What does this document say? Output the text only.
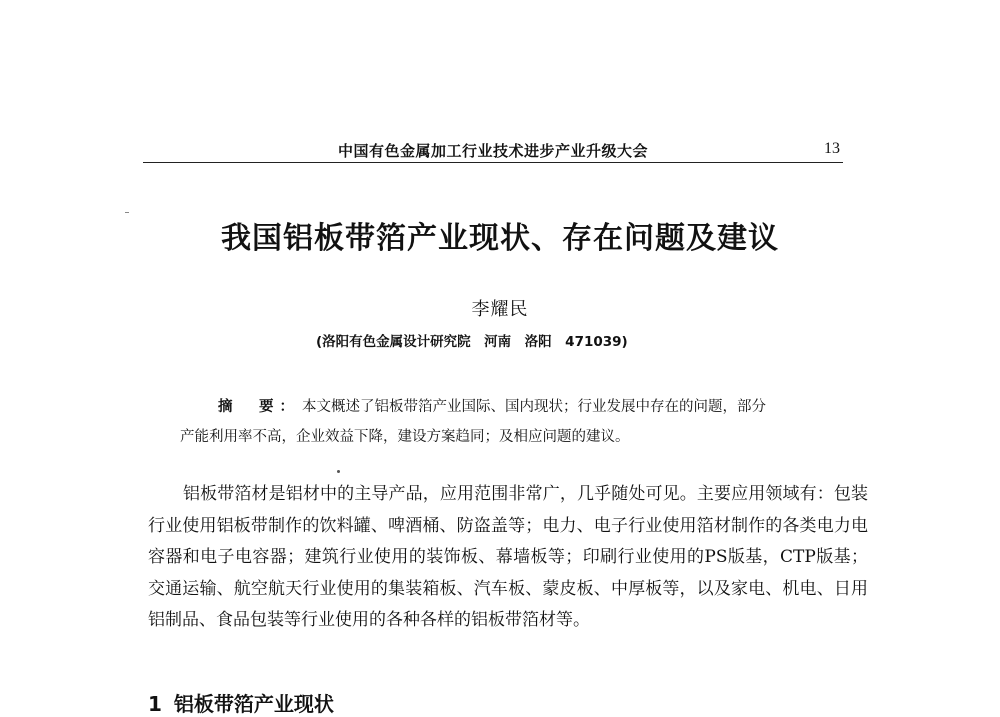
中国有色金属加工行业技术进步产业升级大会	13
我国铝板带箔产业现状、存在问题及建议
李耀民
(洛阳有色金属设计研究院　河南　洛阳　471039)
摘　要： 本文概述了铝板带箔产业国际、国内现状；行业发展中存在的问题，部分
产能利用率不高，企业效益下降，建设方案趋同；及相应问题的建议。

铝板带箔材是铝材中的主导产品，应用范围非常广，几乎随处可见。主要应用领域有：包装行业使用铝板带制作的饮料罐、啤酒桶、防盗盖等；电力、电子行业使用箔材制作的各类电力电容器和电子电容器；建筑行业使用的装饰板、幕墙板等；印刷行业使用的PS版基，CTP版基；交通运输、航空航天行业使用的集装箱板、汽车板、蒙皮板、中厚板等，以及家电、机电、日用铝制品、食品包装等行业使用的各种各样的铝板带箔材等。

1 铝板带箔产业现状
